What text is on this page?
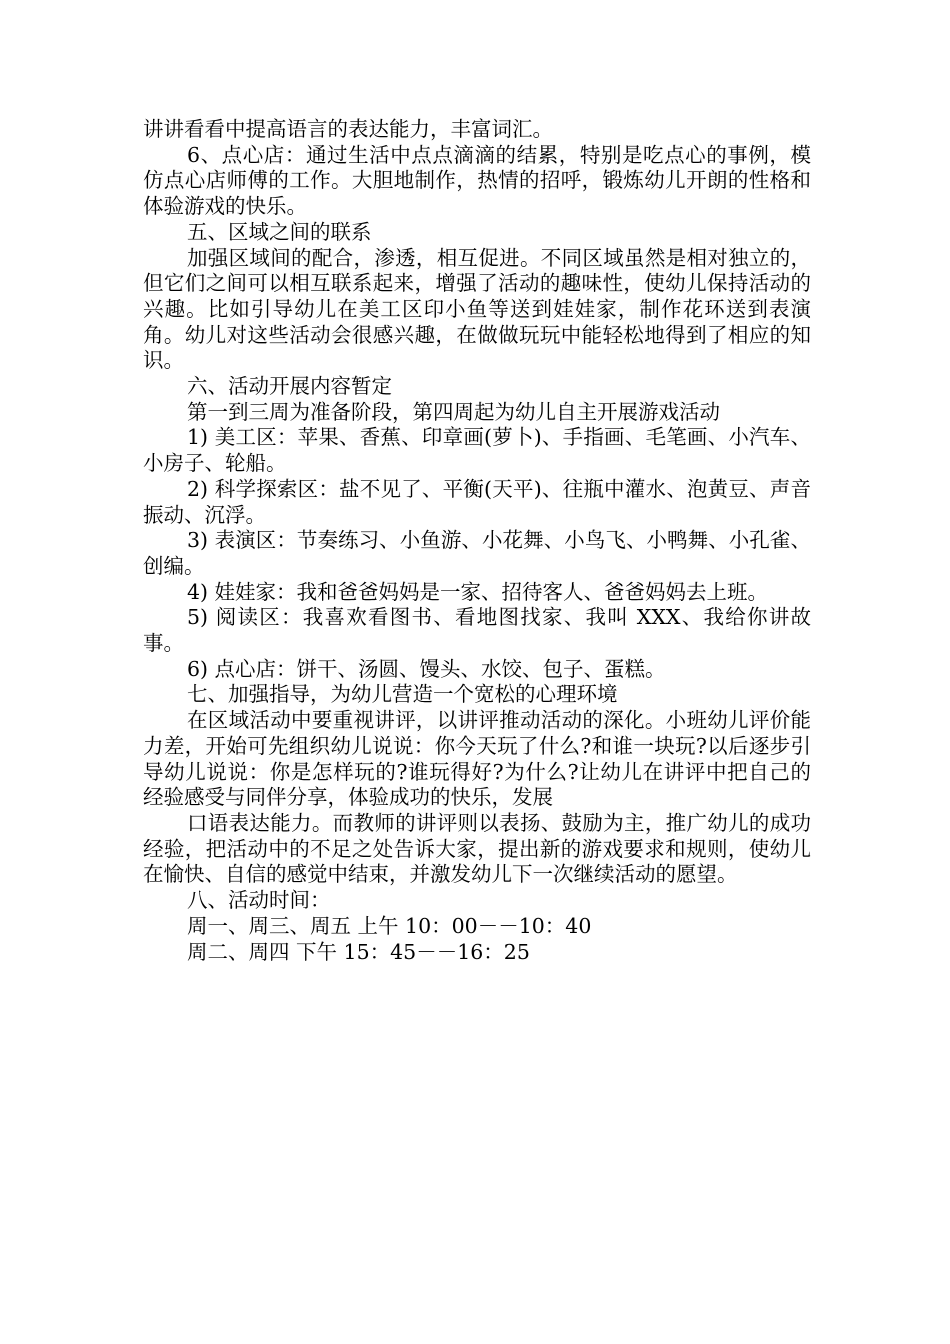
讲讲看看中提高语言的表达能力，丰富词汇。

6、点心店：通过生活中点点滴滴的结累，特别是吃点心的事例，模仿点心店师傅的工作。大胆地制作，热情的招呼，锻炼幼儿开朗的性格和体验游戏的快乐。

五、区域之间的联系

加强区域间的配合，渗透，相互促进。不同区域虽然是相对独立的，但它们之间可以相互联系起来，增强了活动的趣味性，使幼儿保持活动的兴趣。比如引导幼儿在美工区印小鱼等送到娃娃家，制作花环送到表演角。幼儿对这些活动会很感兴趣，在做做玩玩中能轻松地得到了相应的知识。

六、活动开展内容暂定

第一到三周为准备阶段，第四周起为幼儿自主开展游戏活动

1) 美工区：苹果、香蕉、印章画(萝卜)、手指画、毛笔画、小汽车、小房子、轮船。

2) 科学探索区：盐不见了、平衡(天平)、往瓶中灌水、泡黄豆、声音振动、沉浮。

3) 表演区：节奏练习、小鱼游、小花舞、小鸟飞、小鸭舞、小孔雀、创编。

4) 娃娃家：我和爸爸妈妈是一家、招待客人、爸爸妈妈去上班。

5) 阅读区：我喜欢看图书、看地图找家、我叫 XXX、我给你讲故事。

6) 点心店：饼干、汤圆、馒头、水饺、包子、蛋糕。

七、加强指导，为幼儿营造一个宽松的心理环境

在区域活动中要重视讲评，以讲评推动活动的深化。小班幼儿评价能力差，开始可先组织幼儿说说：你今天玩了什么?和谁一块玩?以后逐步引导幼儿说说：你是怎样玩的?谁玩得好?为什么?让幼儿在讲评中把自己的经验感受与同伴分享，体验成功的快乐，发展

口语表达能力。而教师的讲评则以表扬、鼓励为主，推广幼儿的成功经验，把活动中的不足之处告诉大家，提出新的游戏要求和规则，使幼儿在愉快、自信的感觉中结束，并激发幼儿下一次继续活动的愿望。

八、活动时间：

周一、周三、周五 上午 10：00－－10：40

周二、周四 下午 15：45－－16：25
